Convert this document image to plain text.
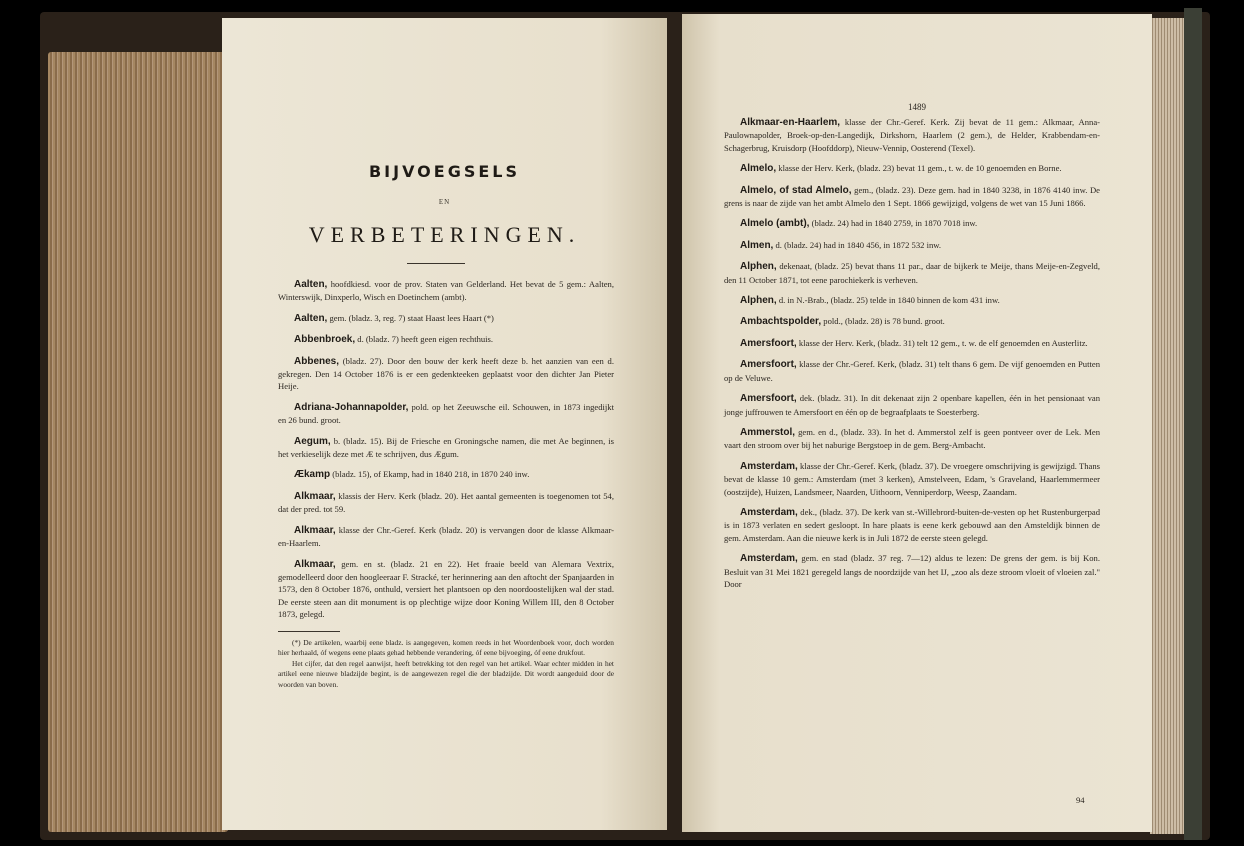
BIJVOEGSELS
EN
VERBETERINGEN.

Aalten, hoofdkiesd. voor de prov. Staten van Gelderland. Het bevat de 5 gem.: Aalten, Winterswijk, Dinxperlo, Wisch en Doetinchem (ambt).

Aalten, gem. (bladz. 3, reg. 7) staat Haast lees Haart (*)

Abbenbroek, d. (bladz. 7) heeft geen eigen rechthuis.

Abbenes, (bladz. 27). Door den bouw der kerk heeft deze b. het aanzien van een d. gekregen. Den 14 October 1876 is er een gedenkteeken geplaatst voor den dichter Jan Pieter Heije.

Adriana-Johannapolder, pold. op het Zeeuwsche eil. Schouwen, in 1873 ingedijkt en 26 bund. groot.

Aegum, b. (bladz. 15). Bij de Friesche en Groningsche namen, die met Ae beginnen, is het verkieselijk deze met Æ te schrijven, dus Ægum.

Ækamp (bladz. 15), of Ekamp, had in 1840 218, in 1870 240 inw.

Alkmaar, klassis der Herv. Kerk (bladz. 20). Het aantal gemeenten is toegenomen tot 54, dat der pred. tot 59.

Alkmaar, klasse der Chr.-Geref. Kerk (bladz. 20) is vervangen door de klasse Alkmaar-en-Haarlem.

Alkmaar, gem. en st. (bladz. 21 en 22). Het fraaie beeld van Alemara Vextrix, gemodelleerd door den hoogleeraar F. Stracké, ter herinnering aan den aftocht der Spanjaarden in 1573, den 8 October 1876, onthuld, versiert het plantsoen op den noordoostelijken wal der stad. De eerste steen aan dit monument is op plechtige wijze door Koning Willem III, den 8 October 1873, gelegd.

(*) De artikelen, waarbij eene bladz. is aangegeven, komen reeds in het Woordenboek voor, doch worden hier herhaald, óf wegens eene plaats gehad hebbende verandering, óf eene bijvoeging, óf eene drukfout.

Het cijfer, dat den regel aanwijst, heeft betrekking tot den regel van het artikel. Waar echter midden in het artikel eene nieuwe bladzijde begint, is de aangewezen regel die der bladzijde. Dit wordt aangeduid door de woorden van boven.

1489

Alkmaar-en-Haarlem, klasse der Chr.-Geref. Kerk. Zij bevat de 11 gem.: Alkmaar, Anna-Paulownapolder, Broek-op-den-Langedijk, Dirkshorn, Haarlem (2 gem.), de Helder, Krabbendam-en-Schagerbrug, Kruisdorp (Hoofddorp), Nieuw-Vennip, Oosterend (Texel).

Almelo, klasse der Herv. Kerk, (bladz. 23) bevat 11 gem., t. w. de 10 genoemden en Borne.

Almelo, of stad Almelo, gem., (bladz. 23). Deze gem. had in 1840 3238, in 1876 4140 inw. De grens is naar de zijde van het ambt Almelo den 1 Sept. 1866 gewijzigd, volgens de wet van 15 Juni 1866.

Almelo (ambt), (bladz. 24) had in 1840 2759, in 1870 7018 inw.

Almen, d. (bladz. 24) had in 1840 456, in 1872 532 inw.

Alphen, dekenaat, (bladz. 25) bevat thans 11 par., daar de bijkerk te Meije, thans Meije-en-Zegveld, den 11 October 1871, tot eene parochiekerk is verheven.

Alphen, d. in N.-Brab., (bladz. 25) telde in 1840 binnen de kom 431 inw.

Ambachtspolder, pold., (bladz. 28) is 78 bund. groot.

Amersfoort, klasse der Herv. Kerk, (bladz. 31) telt 12 gem., t. w. de elf genoemden en Austerlitz.

Amersfoort, klasse der Chr.-Geref. Kerk, (bladz. 31) telt thans 6 gem. De vijf genoemden en Putten op de Veluwe.

Amersfoort, dek. (bladz. 31). In dit dekenaat zijn 2 openbare kapellen, één in het pensionaat van jonge juffrouwen te Amersfoort en één op de begraafplaats te Soesterberg.

Ammerstol, gem. en d., (bladz. 33). In het d. Ammerstol zelf is geen pontveer over de Lek. Men vaart den stroom over bij het naburige Bergstoep in de gem. Berg-Ambacht.

Amsterdam, klasse der Chr.-Geref. Kerk, (bladz. 37). De vroegere omschrijving is gewijzigd. Thans bevat de klasse 10 gem.: Amsterdam (met 3 kerken), Amstelveen, Edam, 's Graveland, Haarlemmermeer (oostzijde), Huizen, Landsmeer, Naarden, Uithoorn, Venniperdorp, Weesp, Zaandam.

Amsterdam, dek., (bladz. 37). De kerk van st.-Willebrord-buiten-de-vesten op het Rustenburgerpad is in 1873 verlaten en sedert gesloopt. In hare plaats is eene kerk gebouwd aan den Amsteldijk binnen de gem. Amsterdam. Aan die nieuwe kerk is in Juli 1872 de eerste steen gelegd.

Amsterdam, gem. en stad (bladz. 37 reg. 7—12) aldus te lezen: De grens der gem. is bij Kon. Besluit van 31 Mei 1821 geregeld langs de noordzijde van het IJ, „zoo als deze stroom vloeit of vloeien zal." Door

94
